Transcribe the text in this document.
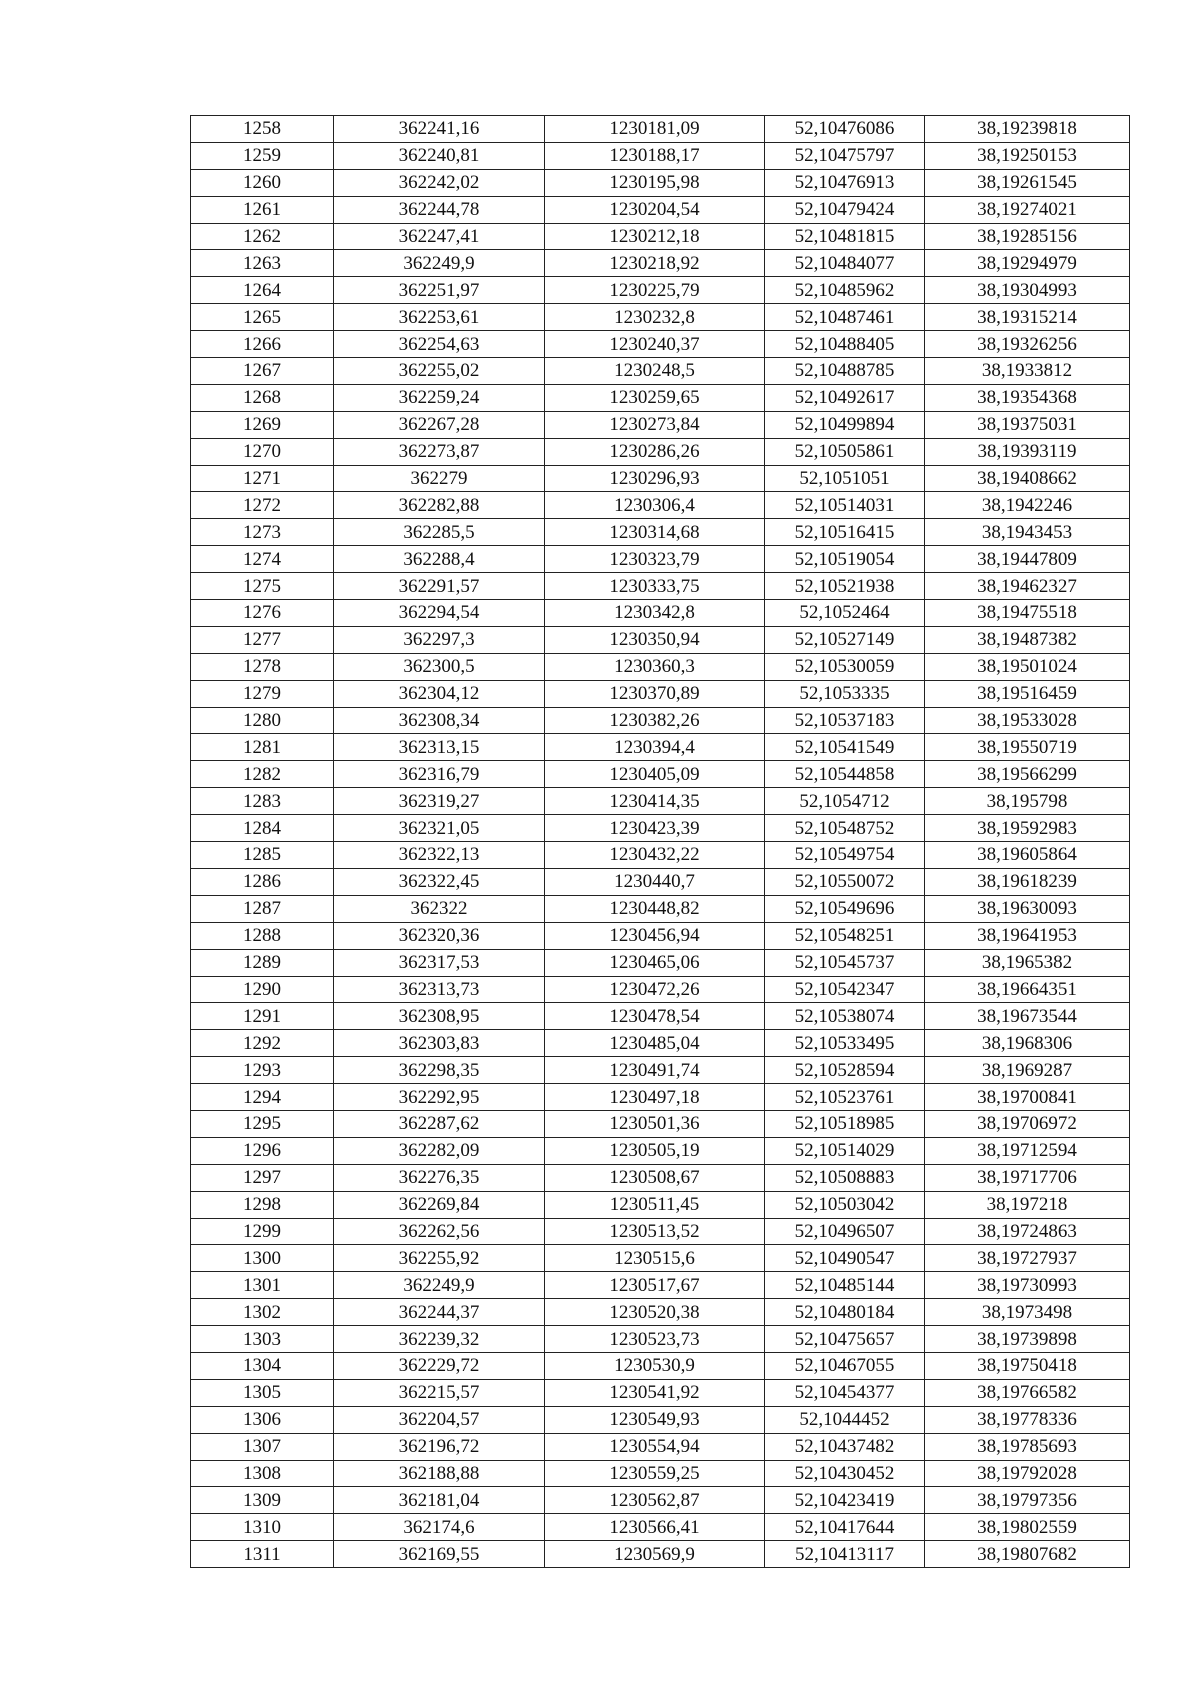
1258	362241,16	1230181,09	52,10476086	38,19239818
1259	362240,81	1230188,17	52,10475797	38,19250153
1260	362242,02	1230195,98	52,10476913	38,19261545
1261	362244,78	1230204,54	52,10479424	38,19274021
1262	362247,41	1230212,18	52,10481815	38,19285156
1263	362249,9	1230218,92	52,10484077	38,19294979
1264	362251,97	1230225,79	52,10485962	38,19304993
1265	362253,61	1230232,8	52,10487461	38,19315214
1266	362254,63	1230240,37	52,10488405	38,19326256
1267	362255,02	1230248,5	52,10488785	38,1933812
1268	362259,24	1230259,65	52,10492617	38,19354368
1269	362267,28	1230273,84	52,10499894	38,19375031
1270	362273,87	1230286,26	52,10505861	38,19393119
1271	362279	1230296,93	52,1051051	38,19408662
1272	362282,88	1230306,4	52,10514031	38,1942246
1273	362285,5	1230314,68	52,10516415	38,1943453
1274	362288,4	1230323,79	52,10519054	38,19447809
1275	362291,57	1230333,75	52,10521938	38,19462327
1276	362294,54	1230342,8	52,1052464	38,19475518
1277	362297,3	1230350,94	52,10527149	38,19487382
1278	362300,5	1230360,3	52,10530059	38,19501024
1279	362304,12	1230370,89	52,1053335	38,19516459
1280	362308,34	1230382,26	52,10537183	38,19533028
1281	362313,15	1230394,4	52,10541549	38,19550719
1282	362316,79	1230405,09	52,10544858	38,19566299
1283	362319,27	1230414,35	52,1054712	38,195798
1284	362321,05	1230423,39	52,10548752	38,19592983
1285	362322,13	1230432,22	52,10549754	38,19605864
1286	362322,45	1230440,7	52,10550072	38,19618239
1287	362322	1230448,82	52,10549696	38,19630093
1288	362320,36	1230456,94	52,10548251	38,19641953
1289	362317,53	1230465,06	52,10545737	38,1965382
1290	362313,73	1230472,26	52,10542347	38,19664351
1291	362308,95	1230478,54	52,10538074	38,19673544
1292	362303,83	1230485,04	52,10533495	38,1968306
1293	362298,35	1230491,74	52,10528594	38,1969287
1294	362292,95	1230497,18	52,10523761	38,19700841
1295	362287,62	1230501,36	52,10518985	38,19706972
1296	362282,09	1230505,19	52,10514029	38,19712594
1297	362276,35	1230508,67	52,10508883	38,19717706
1298	362269,84	1230511,45	52,10503042	38,197218
1299	362262,56	1230513,52	52,10496507	38,19724863
1300	362255,92	1230515,6	52,10490547	38,19727937
1301	362249,9	1230517,67	52,10485144	38,19730993
1302	362244,37	1230520,38	52,10480184	38,1973498
1303	362239,32	1230523,73	52,10475657	38,19739898
1304	362229,72	1230530,9	52,10467055	38,19750418
1305	362215,57	1230541,92	52,10454377	38,19766582
1306	362204,57	1230549,93	52,1044452	38,19778336
1307	362196,72	1230554,94	52,10437482	38,19785693
1308	362188,88	1230559,25	52,10430452	38,19792028
1309	362181,04	1230562,87	52,10423419	38,19797356
1310	362174,6	1230566,41	52,10417644	38,19802559
1311	362169,55	1230569,9	52,10413117	38,19807682
